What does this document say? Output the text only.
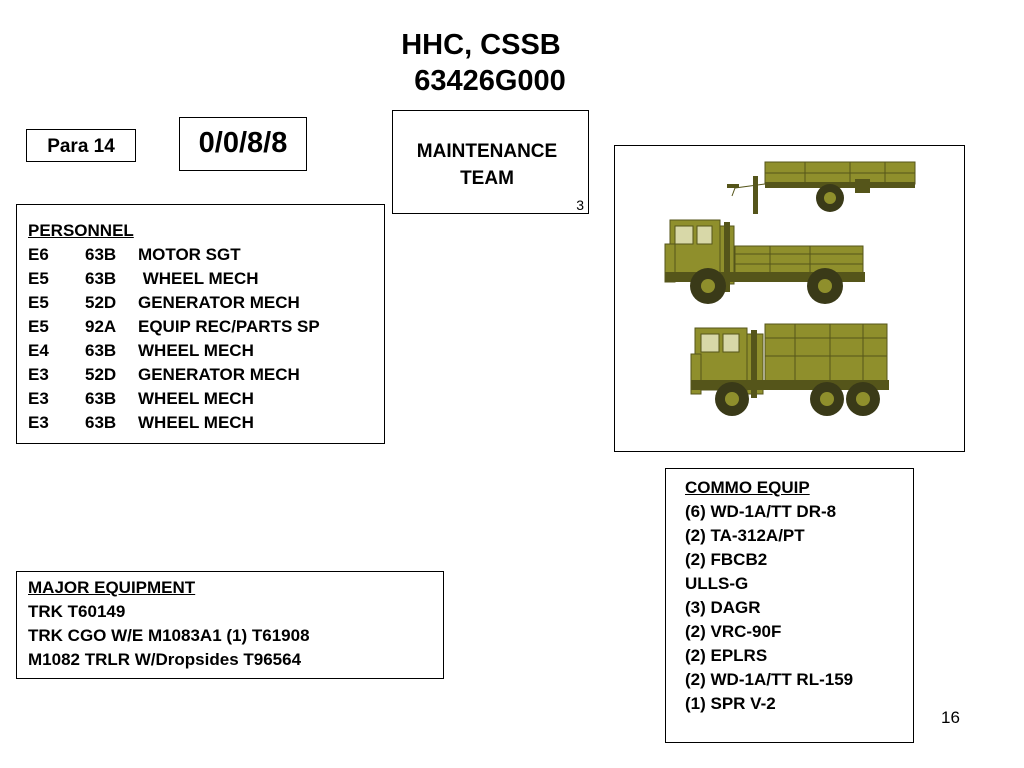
HHC, CSSB
63426G000
Para 14	0/0/8/8	MAINTENANCE
TEAM
3
PERSONNEL
E6 63B MOTOR SGT
E5 63B WHEEL MECH
E5 52D GENERATOR MECH
E5 92A EQUIP REC/PARTS SP
E4 63B WHEEL MECH
E3 52D GENERATOR MECH
E3 63B WHEEL MECH
E3 63B WHEEL MECH
COMMO EQUIP
(6) WD-1A/TT DR-8
(2) TA-312A/PT
(2) FBCB2
ULLS-G
(3) DAGR
(2) VRC-90F
(2) EPLRS
(2) WD-1A/TT RL-159
(1) SPR V-2
MAJOR EQUIPMENT
TRK T60149
TRK CGO W/E M1083A1 (1) T61908
M1082 TRLR W/Dropsides T96564
16
